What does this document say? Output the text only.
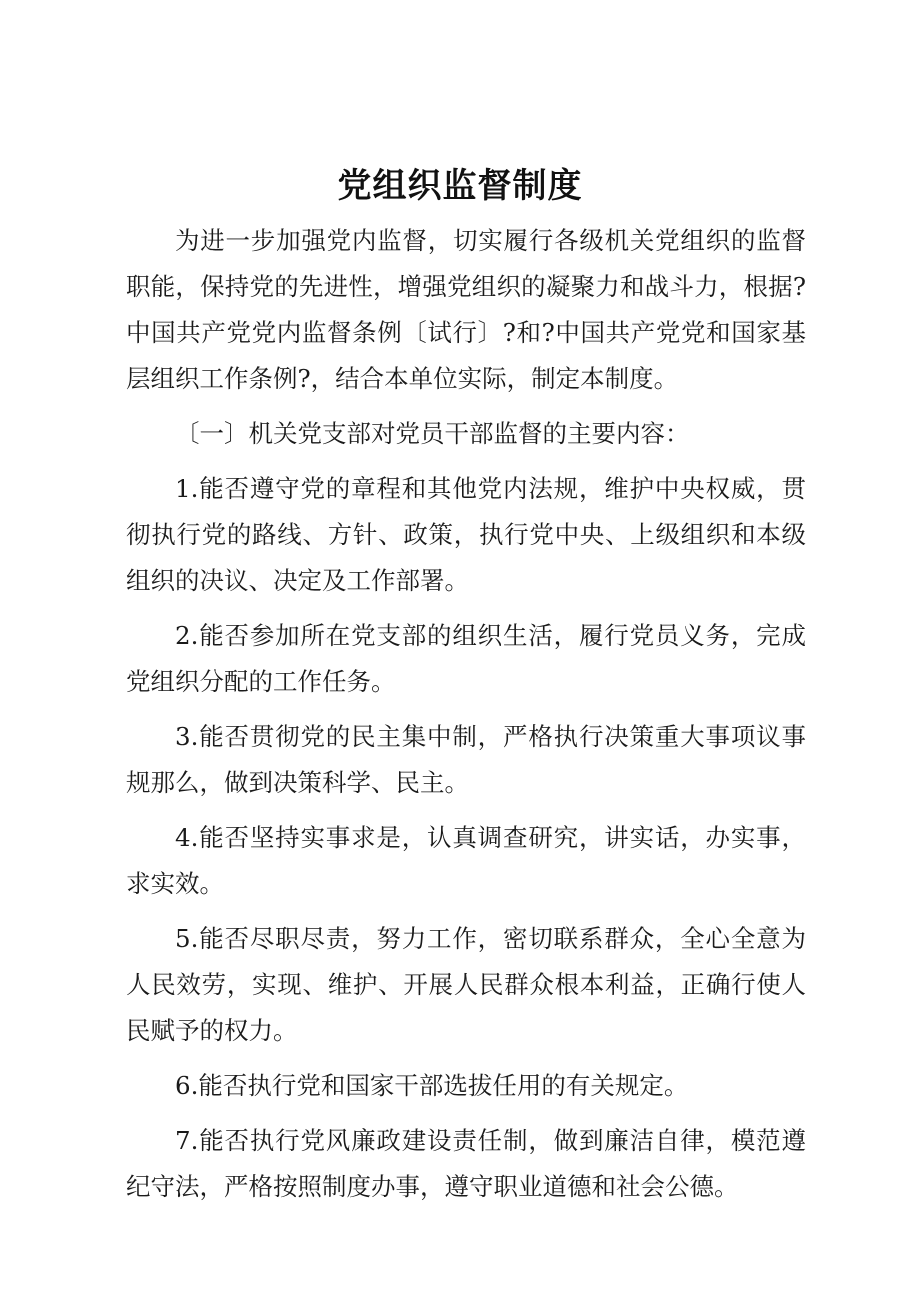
党组织监督制度

为进一步加强党内监督，切实履行各级机关党组织的监督职能，保持党的先进性，增强党组织的凝聚力和战斗力，根据?中国共产党党内监督条例〔试行〕?和?中国共产党党和国家基层组织工作条例?，结合本单位实际，制定本制度。

〔一〕机关党支部对党员干部监督的主要内容：

1.能否遵守党的章程和其他党内法规，维护中央权威，贯彻执行党的路线、方针、政策，执行党中央、上级组织和本级组织的决议、决定及工作部署。

2.能否参加所在党支部的组织生活，履行党员义务，完成党组织分配的工作任务。

3.能否贯彻党的民主集中制，严格执行决策重大事项议事规那么，做到决策科学、民主。

4.能否坚持实事求是，认真调查研究，讲实话，办实事，求实效。

5.能否尽职尽责，努力工作，密切联系群众，全心全意为人民效劳，实现、维护、开展人民群众根本利益，正确行使人民赋予的权力。

6.能否执行党和国家干部选拔任用的有关规定。

7.能否执行党风廉政建设责任制，做到廉洁自律，模范遵纪守法，严格按照制度办事，遵守职业道德和社会公德。
